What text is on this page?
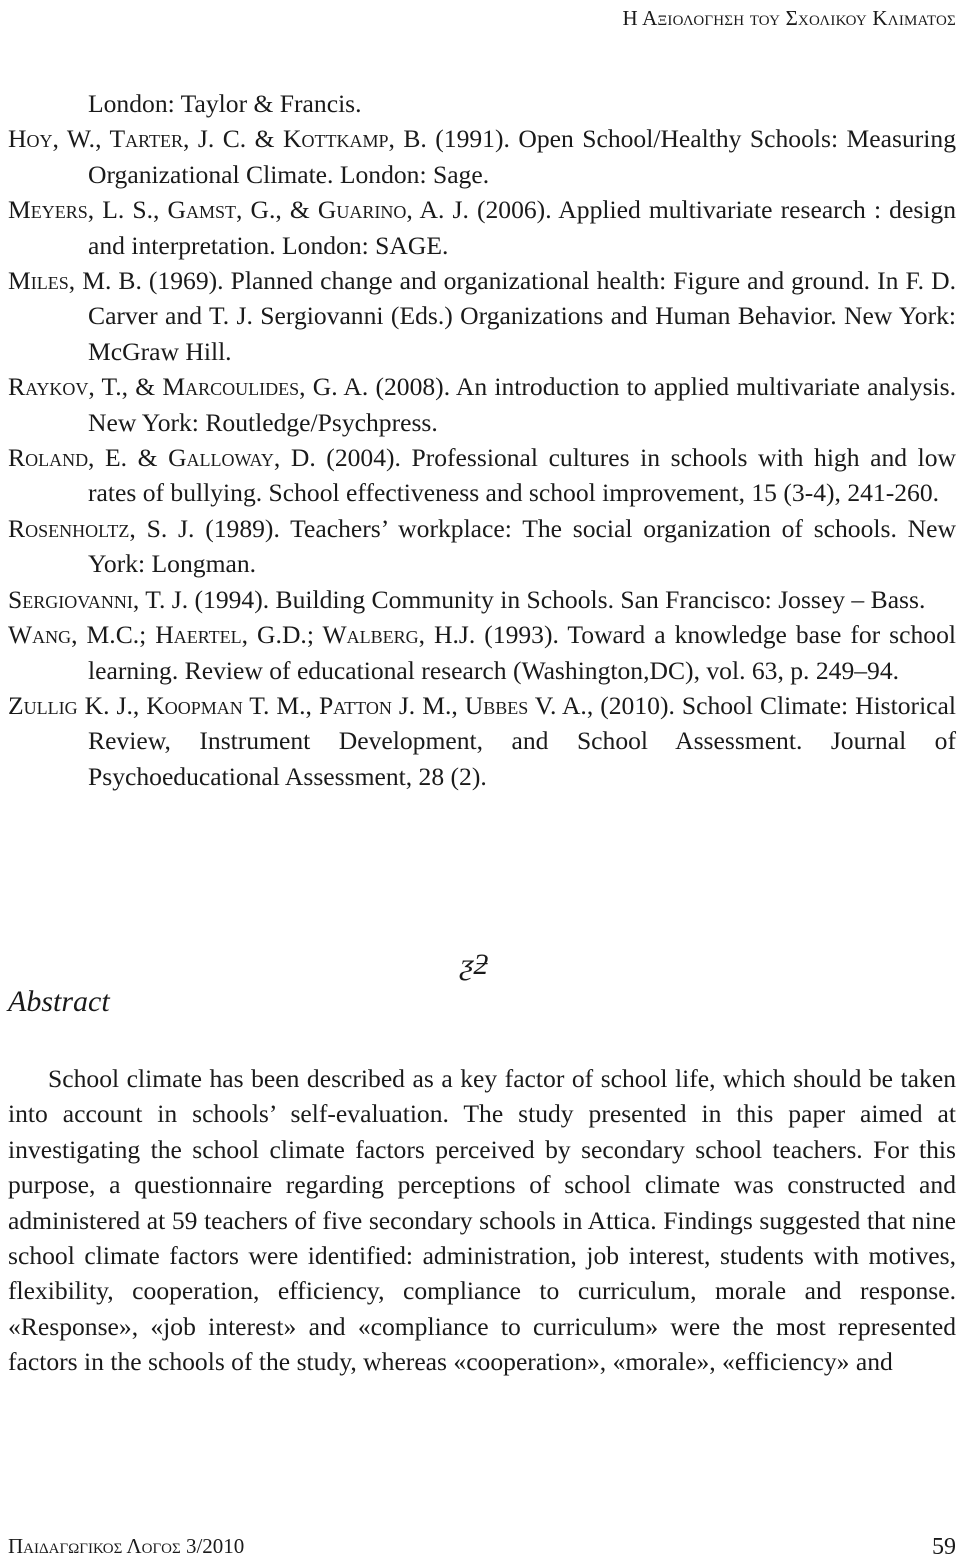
Η Αξιολογηση του Σχολικου Κλιματος

London: Taylor & Francis.

Hoy, W., Tarter, J. C. & Kottkamp, B. (1991). Open School/Healthy Schools: Measuring Organizational Climate. London: Sage.

Meyers, L. S., Gamst, G., & Guarino, A. J. (2006). Applied multivariate research : design and interpretation. London: SAGE.

Miles, M. B. (1969). Planned change and organizational health: Figure and ground. In F. D. Carver and T. J. Sergiovanni (Eds.) Organizations and Human Behavior. New York: McGraw Hill.

Raykov, T., & Marcoulides, G. A. (2008). An introduction to applied multivariate analysis. New York: Routledge/Psychpress.

Roland, E. & Galloway, D. (2004). Professional cultures in schools with high and low rates of bullying. School effectiveness and school improvement, 15 (3-4), 241-260.

Rosenholtz, S. J. (1989). Teachers’ workplace: The social organization of schools. New York: Longman.

Sergiovanni, T. J. (1994). Building Community in Schools. San Francisco: Jossey – Bass.

Wang, M.C.; Haertel, G.D.; Walberg, H.J. (1993). Toward a knowledge base for school learning. Review of educational research (Washington,DC), vol. 63, p. 249–94.

Zullig K. J., Koopman T. M., Patton J. M., Ubbes V. A., (2010). School Climate: Historical Review, Instrument Development, and School Assessment. Journal of Psychoeducational Assessment, 28 (2).

ƺƻ
Abstract

School climate has been described as a key factor of school life, which should be taken into account in schools’ self-evaluation. The study presented in this paper aimed at investigating the school climate factors perceived by secondary school teachers. For this purpose, a questionnaire regarding perceptions of school climate was constructed and administered at 59 teachers of five secondary schools in Attica. Findings suggested that nine school climate factors were identified: administration, job interest, students with motives, flexibility, cooperation, efficiency, compliance to curriculum, morale and response. «Response», «job interest» and «compliance to curriculum» were the most represented factors in the schools of the study, whereas «cooperation», «morale», «efficiency» and

Παιδαγωγικος Λογος 3/2010	59
